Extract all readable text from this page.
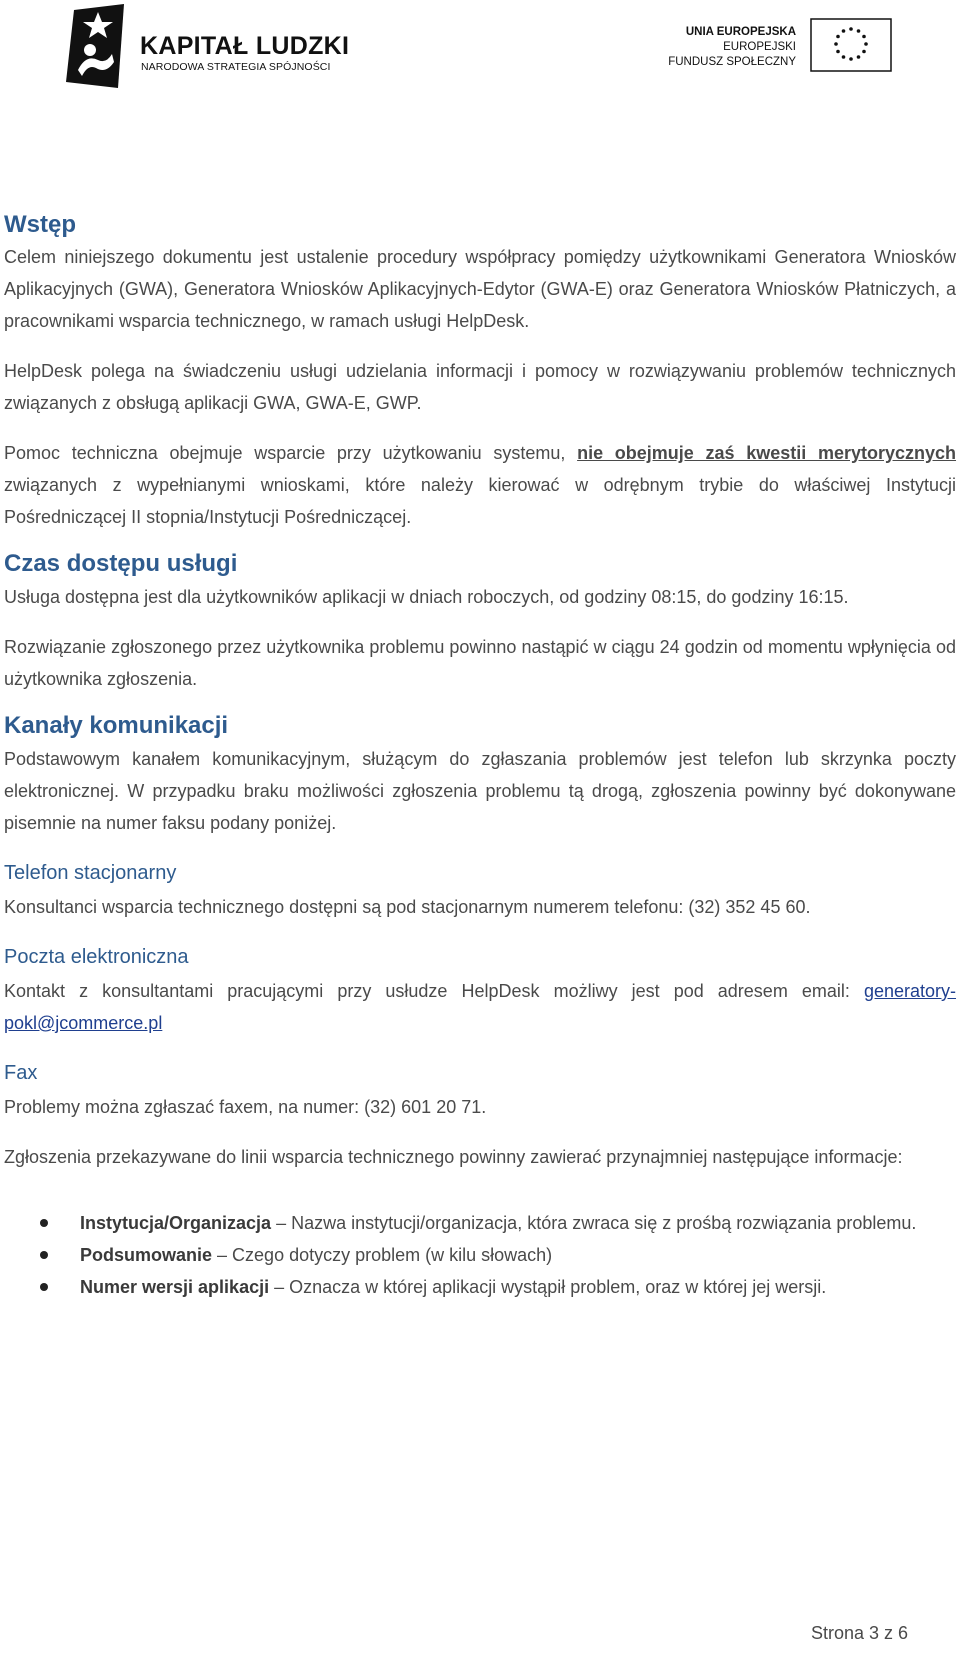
KAPITAŁ LUDZKI
NARODOWA STRATEGIA SPÓJNOŚCI
UNIA EUROPEJSKA
EUROPEJSKI
FUNDUSZ SPOŁECZNY
Wstęp

Celem niniejszego dokumentu jest ustalenie procedury współpracy pomiędzy użytkownikami Generatora Wniosków Aplikacyjnych (GWA), Generatora Wniosków Aplikacyjnych-Edytor (GWA-E) oraz Generatora Wniosków Płatniczych, a pracownikami wsparcia technicznego, w ramach usługi HelpDesk.

HelpDesk polega na świadczeniu usługi udzielania informacji i pomocy w rozwiązywaniu problemów technicznych związanych z obsługą aplikacji GWA, GWA-E, GWP.

Pomoc techniczna obejmuje wsparcie przy użytkowaniu systemu, nie obejmuje zaś kwestii merytorycznych związanych z wypełnianymi wnioskami, które należy kierować w odrębnym trybie do właściwej Instytucji Pośredniczącej II stopnia/Instytucji Pośredniczącej.

Czas dostępu usługi

Usługa dostępna jest dla użytkowników aplikacji w dniach roboczych, od godziny 08:15, do godziny 16:15.

Rozwiązanie zgłoszonego przez użytkownika problemu powinno nastąpić w ciągu 24 godzin od momentu wpłynięcia od użytkownika zgłoszenia.

Kanały komunikacji

Podstawowym kanałem komunikacyjnym, służącym do zgłaszania problemów jest telefon lub skrzynka poczty elektronicznej. W przypadku braku możliwości zgłoszenia problemu tą drogą, zgłoszenia powinny być dokonywane pisemnie na numer faksu podany poniżej.

Telefon stacjonarny

Konsultanci wsparcia technicznego dostępni są pod stacjonarnym numerem telefonu: (32) 352 45 60.

Poczta elektroniczna

Kontakt z konsultantami pracującymi przy usłudze HelpDesk możliwy jest pod adresem email: generatory-pokl@jcommerce.pl

Fax

Problemy można zgłaszać faxem, na numer: (32) 601 20 71.

Zgłoszenia przekazywane do linii wsparcia technicznego powinny zawierać przynajmniej następujące informacje:

Instytucja/Organizacja – Nazwa instytucji/organizacja, która zwraca się z prośbą rozwiązania problemu.
Podsumowanie – Czego dotyczy problem (w kilu słowach)
Numer wersji aplikacji – Oznacza w której aplikacji wystąpił problem, oraz w której jej wersji.
Strona 3 z 6
